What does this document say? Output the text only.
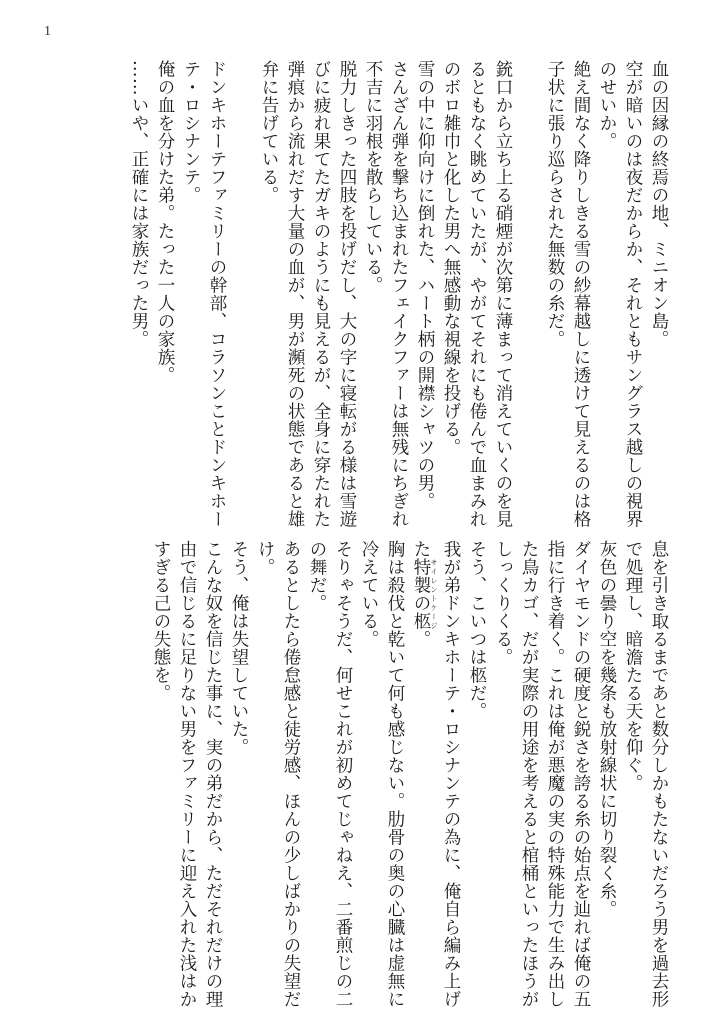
1

血の因縁の終焉の地、ミニオン島。

空が暗いのは夜だからか、それともサングラス越しの視界

のせいか。

絶え間なく降りしきる雪の紗幕越しに透けて見えるのは格

子状に張り巡らされた無数の糸だ。

銃口から立ち上る硝煙が次第に薄まって消えていくのを見

るともなく眺めていたが、やがてそれにも倦んで血まみれ

のボロ雑巾と化した男へ無感動な視線を投げる。

雪の中に仰向けに倒れた、ハート柄の開襟シャツの男。

さんざん弾を撃ち込まれたフェイクファーは無残にちぎれ

不吉に羽根を散らしている。

脱力しきった四肢を投げだし、大の字に寝転がる様は雪遊

びに疲れ果てたガキのようにも見えるが、全身に穿たれた

弾痕から流れだす大量の血が、男が瀕死の状態であると雄

弁に告げている。

ドンキホーテファミリーの幹部、コラソンことドンキホー

テ・ロシナンテ。

俺の血を分けた弟。たった一人の家族。

……いや、正確には家族だった男。

息を引き取るまであと数分しかもたないだろう男を過去形

で処理し、暗澹たる天を仰ぐ。

灰色の曇り空を幾条も放射線状に切り裂く糸。

ダイヤモンドの硬度と鋭さを誇る糸の始点を辿れば俺の五

指に行き着く。これは俺が悪魔の実の特殊能力で生み出し

た鳥カゴ、だが実際の用途を考えると棺桶といったほうが

しっくりくる。

そう、こいつは柩だ。

我が弟ドンキホーテ・ロシナンテの為に、俺自ら編み上げ

た特製の柩 サイレントケージ。

胸は殺伐と乾いて何も感じない。肋骨の奥の心臓は虚無に

冷えている。

そりゃそうだ、何せこれが初めてじゃねえ、二番煎じの二

の舞だ。

あるとしたら倦怠感と徒労感、ほんの少しばかりの失望だ

け。

そう、俺は失望していた。

こんな奴を信じた事に、実の弟だから、ただそれだけの理

由で信じるに足りない男をファミリーに迎え入れた浅はか

すぎる己の失態を。
